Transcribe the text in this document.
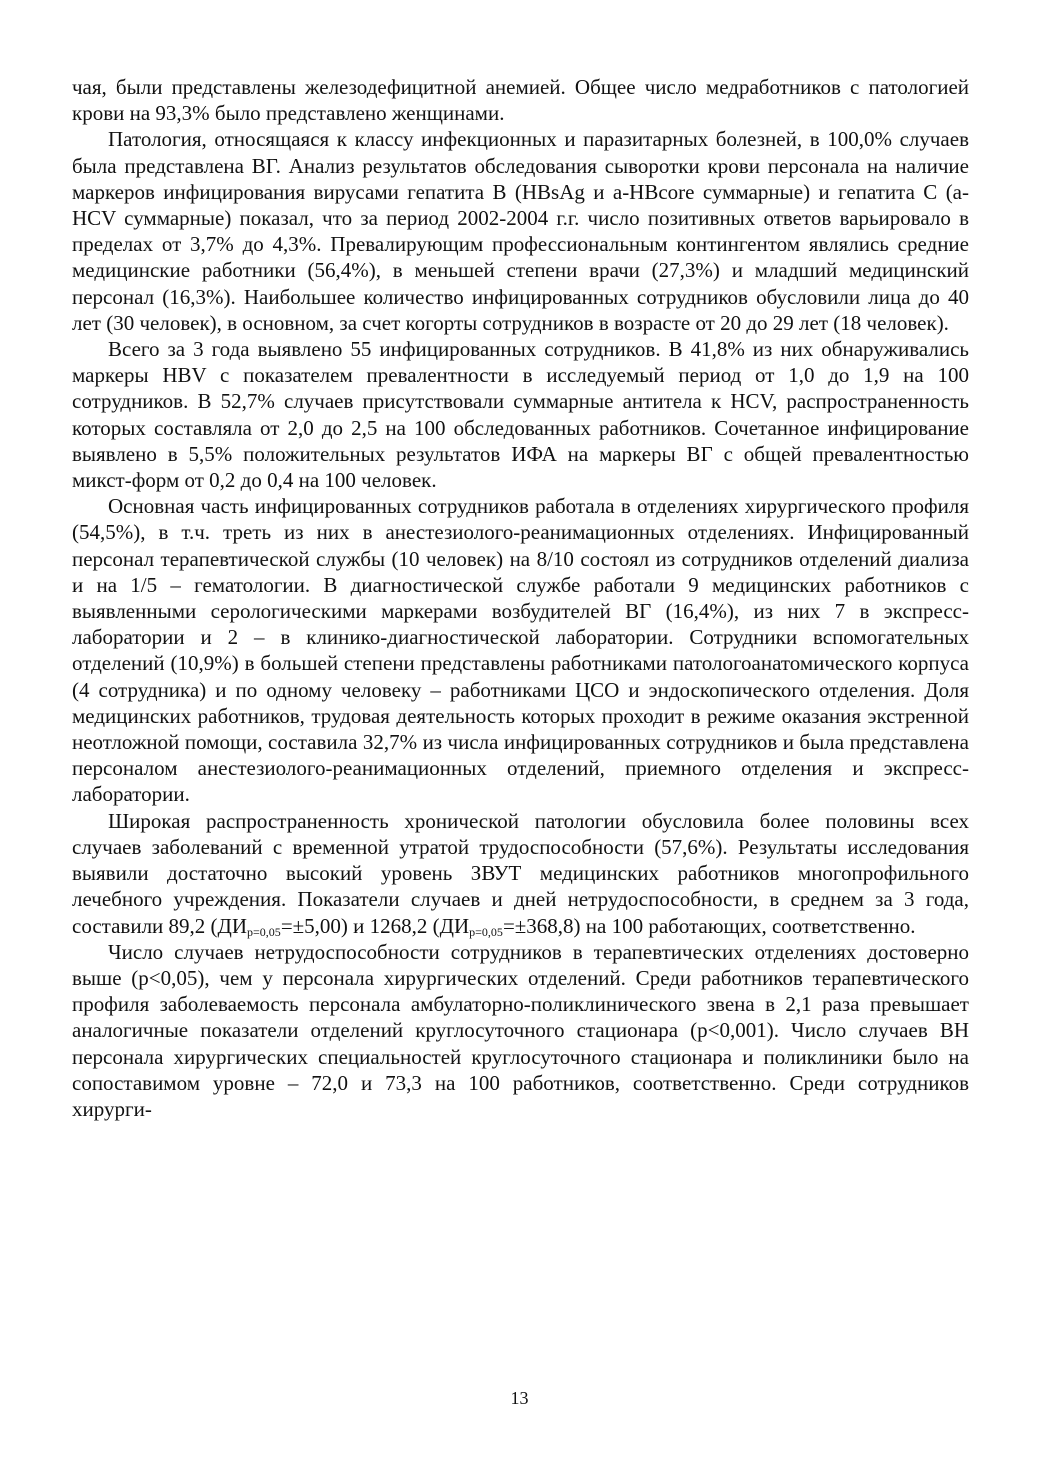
чая, были представлены железодефицитной анемией. Общее число медработников с патологией крови на 93,3% было представлено женщинами.

Патология, относящаяся к классу инфекционных и паразитарных болезней, в 100,0% случаев была представлена ВГ. Анализ результатов обследования сыворотки крови персонала на наличие маркеров инфицирования вирусами гепатита В (HBsAg и a-HBcore суммарные) и гепатита С (a-HCV суммарные) показал, что за период 2002-2004 г.г. число позитивных ответов варьировало в пределах от 3,7% до 4,3%. Превалирующим профессиональным контингентом являлись средние медицинские работники (56,4%), в меньшей степени врачи (27,3%) и младший медицинский персонал (16,3%). Наибольшее количество инфицированных сотрудников обусловили лица до 40 лет (30 человек), в основном, за счет когорты сотрудников в возрасте от 20 до 29 лет (18 человек).

Всего за 3 года выявлено 55 инфицированных сотрудников. В 41,8% из них обнаруживались маркеры HBV с показателем превалентности в исследуемый период от 1,0 до 1,9 на 100 сотрудников. В 52,7% случаев присутствовали суммарные антитела к HCV, распространенность которых составляла от 2,0 до 2,5 на 100 обследованных работников. Сочетанное инфицирование выявлено в 5,5% положительных результатов ИФА на маркеры ВГ с общей превалентностью микст-форм от 0,2 до 0,4 на 100 человек.

Основная часть инфицированных сотрудников работала в отделениях хирургического профиля (54,5%), в т.ч. треть из них в анестезиолого-реанимационных отделениях. Инфицированный персонал терапевтической службы (10 человек) на 8/10 состоял из сотрудников отделений диализа и на 1/5 – гематологии. В диагностической службе работали 9 медицинских работников с выявленными серологическими маркерами возбудителей ВГ (16,4%), из них 7 в экспресс-лаборатории и 2 – в клинико-диагностической лаборатории. Сотрудники вспомогательных отделений (10,9%) в большей степени представлены работниками патологоанатомического корпуса (4 сотрудника) и по одному человеку – работниками ЦСО и эндоскопического отделения. Доля медицинских работников, трудовая деятельность которых проходит в режиме оказания экстренной неотложной помощи, составила 32,7% из числа инфицированных сотрудников и была представлена персоналом анестезиолого-реанимационных отделений, приемного отделения и экспресс-лаборатории.

Широкая распространенность хронической патологии обусловила более половины всех случаев заболеваний с временной утратой трудоспособности (57,6%). Результаты исследования выявили достаточно высокий уровень ЗВУТ медицинских работников многопрофильного лечебного учреждения. Показатели случаев и дней нетрудоспособности, в среднем за 3 года, составили 89,2 $(ДИ_{р=0,05}=\pm 5,00)$ и 1268,2 $(ДИ_{р=0,05}=\pm 368,8)$ на 100 работающих, соответственно.

Число случаев нетрудоспособности сотрудников в терапевтических отделениях достоверно выше (р<0,05), чем у персонала хирургических отделений. Среди работников терапевтического профиля заболеваемость персонала амбулаторно-поликлинического звена в 2,1 раза превышает аналогичные показатели отделений круглосуточного стационара (р<0,001). Число случаев ВН персонала хирургических специальностей круглосуточного стационара и поликлиники было на сопоставимом уровне – 72,0 и 73,3 на 100 работников, соответственно. Среди сотрудников хирурги-

13
